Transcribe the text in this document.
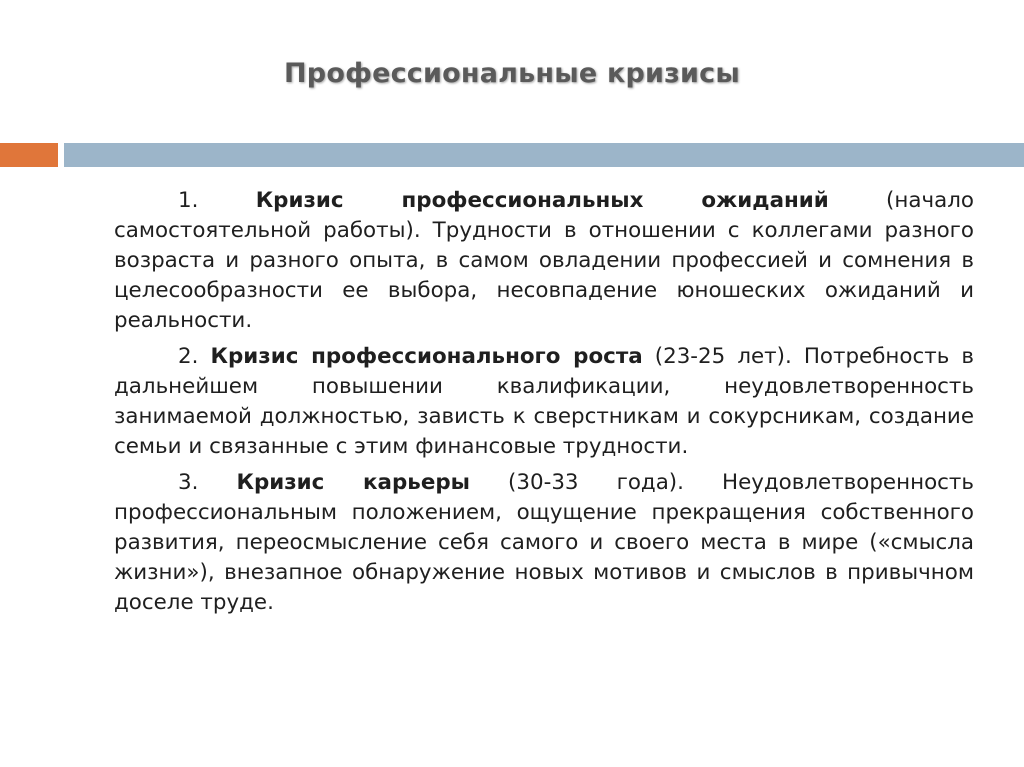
Профессиональные кризисы

1.	Кризис профессиональных ожиданий (начало самостоятельной работы). Трудности в отношении с коллегами разного возраста и разного опыта, в самом овладении профессией и сомнения в целесообразности ее выбора, несовпадение юношеских ожиданий и реальности.

2. Кризис профессионального роста (23-25 лет). Потребность в дальнейшем повышении квалификации, неудовлетворенность занимаемой должностью, зависть к сверстникам и сокурсникам, создание семьи и связанные с этим финансовые трудности.

3. Кризис карьеры (30-33 года). Неудовлетворенность профессиональным положением, ощущение прекращения собственного развития, переосмысление себя самого и своего места в мире («смысла жизни»), внезапное обнаружение новых мотивов и смыслов в привычном доселе труде.
